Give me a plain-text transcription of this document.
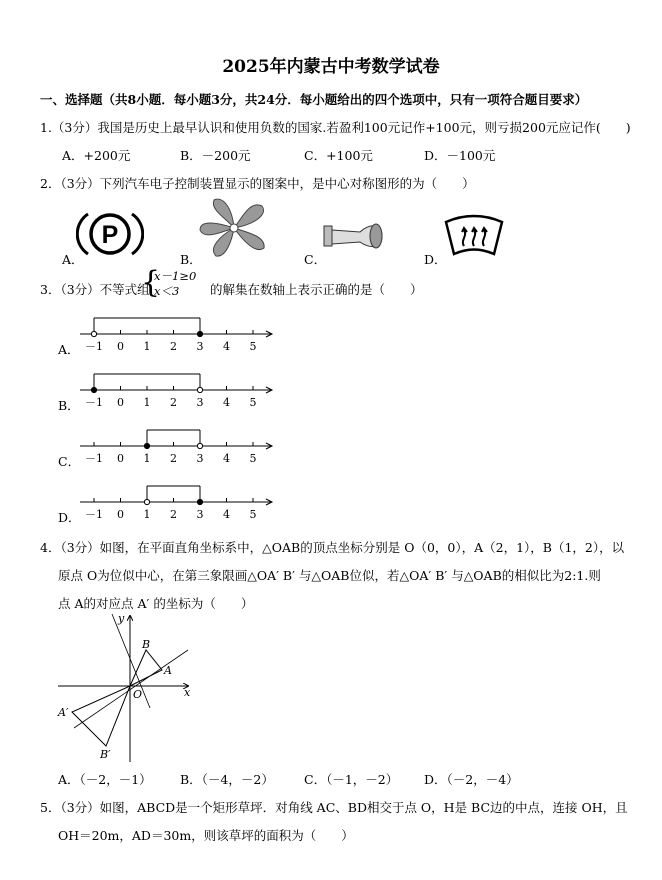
2025年内蒙古中考数学试卷
一、选择题（共8小题．每小题3分，共24分．每小题给出的四个选项中，只有一项符合题目要求）
1.（3分）我国是历史上最早认识和使用负数的国家.若盈利100元记作+100元，则亏损200元应记作(　　)
A．+200元	B．－200元	C．+100元	D．－100元
2．（3分）下列汽车电子控制装置显示的图案中，是中心对称图形的为（　　）
A．	B．	C．	D．
P
3．（3分）不等式组
{
x－1≥0
x＜3 的解集在数轴上表示正确的是（　　）
A．
B．
C．
D．
－1 0 1 2 3 4 5
－1 0 1 2 3 4 5
－1 0 1 2 3 4 5
－1 0 1 2 3 4 5
4．（3分）如图，在平面直角坐标系中，△OAB的顶点坐标分别是 O（0，0），A（2，1），B（1，2），以
原点 O为位似中心，在第三象限画△OA′ B′ 与△OAB位似，若△OA′ B′ 与△OAB的相似比为2:1.则
点 A的对应点 A′ 的坐标为（　　）
y
x
O
A
B
A′
B′
A．（－2，－1） B．（－4，－2） C．（－1，－2） D．（－2，－4）
5．（3分）如图，ABCD是一个矩形草坪．对角线 AC、BD相交于点 O，H是 BC边的中点，连接 OH，且
OH＝20m，AD＝30m，则该草坪的面积为（　　）
